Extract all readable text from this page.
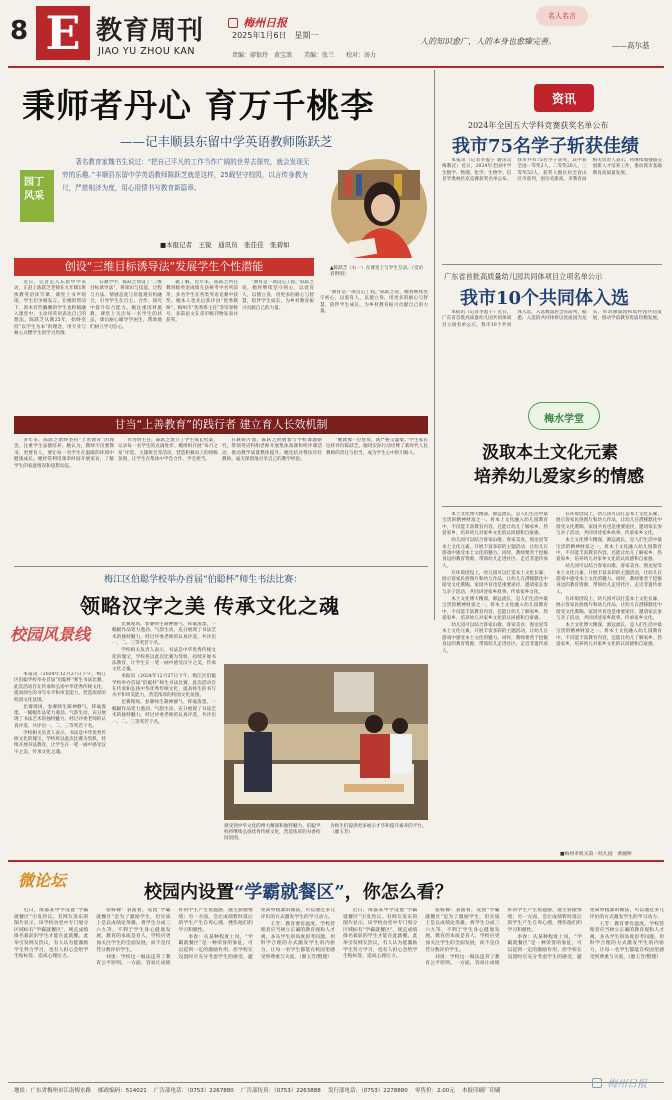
8 E 教育周刊
JIAO YU ZHOU KAN
梅州日报
2025年1月6日　星期一
责编：廖银玲　黄宝浪　　美编：张兰　　校对：汤力
名人名言
人的知识愈广，人的本身也愈臻完善。	——高尔基
秉师者丹心 育万千桃李
——记丰顺县东留中学英语教师陈跃芝
园丁风采
著名教育家魏书生说过：“把自己平凡的工作当作广阔的世界去探究，就会发现无穷的乐趣。”丰顺县东留中学英语教师陈跃芝就是这样，25载坚守校园，以言传身教为尺，严慈相济为度，用心用情书写教育新篇章。
■本报记者　王锐　通讯员　张佳佳　张碧如
▲陈跃芝（右一）在课堂上与学生互动。（受访者供图）
创设“三维目标诱导法”发展学生个性潜能

近日，记者走入东留中学采访，正赶上陈跃芝老师在九年级1班执教英语读写课，课堂上书声琅琅，学生们争相发言。在她的带动下，原本有些腼腆的学生也积极融入课堂中，主动用英语表达自己的想法。陈跃芝从教25年，始终坚持“以学生为本”的理念，用专业与耐心点燃学生的学习热情。

在教学中，陈跃芝创设了“三维目标诱导法”，将知识与技能、过程与方法、情感态度与价值观有机融合，引导学生在自主、合作、探究中提升综合能力。她注重因材施教，课堂上关注每一名学生的状态，课后耐心辅导学困生，帮助他们树立学习信心。

据了解，近年来，陈跃芝所任教班级英语成绩在县统考中名列前茅，多名学生在各类英语竞赛中获奖。她本人也先后获评县“优秀教师”、梅州市“优秀班主任”等荣誉称号，多篇论文在省市级刊物发表并获奖。

“教育是一项良心工程。”陈跃芝说，她将继续坚守初心，以爱育人，以德立身，用更多的耐心与智慧，陪伴学生成长，为乡村教育振兴贡献自己的力量。

“教育是一项良心工程。”陈跃芝说，她将继续坚守初心，以爱育人，以德立身，用更多的耐心与智慧，陪伴学生成长，为乡村教育振兴贡献自己的力量。

甘当“上善教育”的践行者 建立育人长效机制

多年来，陈跃芝始终坚持“上善教育”的理念，注重学生品德培养。她认为，教师不仅要教书，更要育人，要让每一名学生在温暖的环境中健康成长。她经常利用课余时间开展家访，了解学生的家庭情况和思想动态。

作为班主任，陈跃芝建立了学生成长档案，记录每一名学生的点滴进步。她组织开展“每月之星”评选、主题班会等活动，营造积极向上的班级氛围，让学生在集体中学会合作、学会担当。

在教研方面，陈跃芝积极参与学校课题研究，带领英语科组老师开展集体备课和听评课活动，推动教学质量整体提升。她还结对帮扶年轻教师，毫无保留地分享自己的教学经验。

“她就像一位慈母，既严格又温柔。”学生家长这样评价陈跃芝。她用实际行动诠释了新时代人民教师的责任与担当，成为学生心中的引路人。

资讯
2024年全国五大学科竞赛获奖名单公布
我市75名学子斩获佳绩

本报讯（记者李盈子 通讯员梅教宣）近日，2024年全国中学生数学、物理、化学、生物学、信息学奥林匹克竞赛获奖名单公布。我市共有75名学子获奖，其中获全国一等奖2人、二等奖20人、三等奖53人，获奖人数位居全省山区市前列，创历史新高。市教育局相关负责人表示，将继续加强拔尖创新人才培养工作，推动我市基础教育高质量发展。

广东省首批高质量幼儿园共同体项目立项名单公示
我市10个共同体入选

本报讯（记者李盈子）近日，广东省首批高质量幼儿园共同体项目立项名单公示，我市10个共同体入选，入选数量居全省前列。据悉，入选的共同体将以优质园为龙头，带动薄弱园和农村园共同发展，推动学前教育优质均衡发展。

梅水学堂
汲取本土文化元素
培养幼儿爱家乡的情感

本土文化博大精深，源远流长，是人们生活中最宝贵的精神财富之一。将本土文化融入幼儿园教育中，不仅能丰富教育内容，还能让幼儿了解家乡、热爱家乡，培养幼儿对家乡文化的认同感和自豪感。

幼儿园可以结合客家山歌、客家美食、围龙屋等本土文化元素，开展丰富多彩的主题活动，让幼儿在游戏中感受本土文化的魅力。同时，教师要善于挖掘身边的教育资源，带领幼儿走进社区、走近非遗传承人。

在环境创设上，幼儿园可以打造本土文化长廊，展示客家民俗图片和幼儿作品，让幼儿在潜移默化中接受文化熏陶。家园共育也是重要途径，邀请家长参与亲子活动，共同讲述家乡故事，传承家乡文化。

本土文化博大精深，源远流长，是人们生活中最宝贵的精神财富之一。将本土文化融入幼儿园教育中，不仅能丰富教育内容，还能让幼儿了解家乡、热爱家乡，培养幼儿对家乡文化的认同感和自豪感。

幼儿园可以结合客家山歌、客家美食、围龙屋等本土文化元素，开展丰富多彩的主题活动，让幼儿在游戏中感受本土文化的魅力。同时，教师要善于挖掘身边的教育资源，带领幼儿走进社区、走近非遗传承人。

在环境创设上，幼儿园可以打造本土文化长廊，展示客家民俗图片和幼儿作品，让幼儿在潜移默化中接受文化熏陶。家园共育也是重要途径，邀请家长参与亲子活动，共同讲述家乡故事，传承家乡文化。

本土文化博大精深，源远流长，是人们生活中最宝贵的精神财富之一。将本土文化融入幼儿园教育中，不仅能丰富教育内容，还能让幼儿了解家乡、热爱家乡，培养幼儿对家乡文化的认同感和自豪感。

幼儿园可以结合客家山歌、客家美食、围龙屋等本土文化元素，开展丰富多彩的主题活动，让幼儿在游戏中感受本土文化的魅力。同时，教师要善于挖掘身边的教育资源，带领幼儿走进社区、走近非遗传承人。

在环境创设上，幼儿园可以打造本土文化长廊，展示客家民俗图片和幼儿作品，让幼儿在潜移默化中接受文化熏陶。家园共育也是重要途径，邀请家长参与亲子活动，共同讲述家乡故事，传承家乡文化。

本土文化博大精深，源远流长，是人们生活中最宝贵的精神财富之一。将本土文化融入幼儿园教育中，不仅能丰富教育内容，还能让幼儿了解家乡、热爱家乡，培养幼儿对家乡文化的认同感和自豪感。

■梅州市机关第一幼儿园　黄婉婷
梅江区伯聪学校举办首届“伯聪杯”师生书法比赛：
领略汉字之美 传承文化之魂
校园风景线

本报讯（2024年12月27日下午，梅江区伯聪学校举办首届“伯聪杯”师生书法比赛。此次活动旨在传承和弘扬中华优秀传统文化，提高师生的书写水平和审美能力，营造浓厚的校园文化氛围。

比赛现场，参赛师生凝神静气、挥毫泼墨，一幅幅作品笔力遒劲、气韵生动，充分展现了书法艺术的独特魅力。经过评委老师的认真评选，共评出一、二、三等奖若干名。

学校相关负责人表示，书法是中华优秀传统文化的瑰宝，学校将以此次比赛为契机，持续开展书法教育，让学生在一笔一画中感受汉字之美，传承文化之魂。

比赛现场，参赛师生凝神静气、挥毫泼墨，一幅幅作品笔力遒劲、气韵生动，充分展现了书法艺术的独特魅力。经过评委老师的认真评选，共评出一、二、三等奖若干名。

学校相关负责人表示，书法是中华优秀传统文化的瑰宝，学校将以此次比赛为契机，持续开展书法教育，让学生在一笔一画中感受汉字之美，传承文化之魂。

本报讯（2024年12月27日下午，梅江区伯聪学校举办首届“伯聪杯”师生书法比赛。此次活动旨在传承和弘扬中华优秀传统文化，提高师生的书写水平和审美能力，营造浓厚的校园文化氛围。

比赛现场，参赛师生凝神静气、挥毫泼墨，一幅幅作品笔力遒劲、气韵生动，充分展现了书法艺术的独特魅力。经过评委老师的认真评选，共评出一、二、三等奖若干名。

感受到中华文化的博大精深和独特魅力。伯聪学校将继续弘扬优秀传统文化，营造浓厚的书香校园氛围。
为师生们提供更多展示才华和提升素养的平台。（廖玉芳）
微论坛
校园内设置“学霸就餐区”，你怎么看？

近日，成都某中学设置“学霸就餐区”引发热议。有网友发布的图片显示，该学校食堂中专门划分区域标有“学霸就餐区”，规定成绩排名靠前的学生才能在此就餐。此举引发网友热议，有人认为能激励学生努力学习，也有人担心会给学生贴标签、造成心理压力。

张栋樑：表面看，设置“学霸就餐区”是为了激励学生，但实质上是以成绩论英雄，将学生分成三六九等，不利于学生身心健康发展。教育的本质是育人，学校应更加关注学生的全面发展，而不是仅凭分数评价学生。

刘勇：学校这一做法违背了教育公平原则。一方面，容易让成绩好的学生产生优越感，滋生骄傲情绪；另一方面，会让成绩暂时落后的学生产生自卑心理，挫伤他们的学习积极性。

李春：从某种程度上说，“学霸就餐区”是一种荣誉的象征，可以起到一定的激励作用。但学校在设置时应充分考虑学生的感受，避免简单粗暴的做法，可以通过多元评价的方式激发学生的学习动力。

王芳：教育要有温度。学校管理者应当树立正确的教育观和人才观，多从学生的角度思考问题，用科学合理的方式激发学生的内驱力，让每一名学生都能在校园里感受到尊重与关爱。（廖玉芳/整理）

近日，成都某中学设置“学霸就餐区”引发热议。有网友发布的图片显示，该学校食堂中专门划分区域标有“学霸就餐区”，规定成绩排名靠前的学生才能在此就餐。此举引发网友热议，有人认为能激励学生努力学习，也有人担心会给学生贴标签、造成心理压力。

张栋樑：表面看，设置“学霸就餐区”是为了激励学生，但实质上是以成绩论英雄，将学生分成三六九等，不利于学生身心健康发展。教育的本质是育人，学校应更加关注学生的全面发展，而不是仅凭分数评价学生。

刘勇：学校这一做法违背了教育公平原则。一方面，容易让成绩好的学生产生优越感，滋生骄傲情绪；另一方面，会让成绩暂时落后的学生产生自卑心理，挫伤他们的学习积极性。

李春：从某种程度上说，“学霸就餐区”是一种荣誉的象征，可以起到一定的激励作用。但学校在设置时应充分考虑学生的感受，避免简单粗暴的做法，可以通过多元评价的方式激发学生的学习动力。

王芳：教育要有温度。学校管理者应当树立正确的教育观和人才观，多从学生的角度思考问题，用科学合理的方式激发学生的内驱力，让每一名学生都能在校园里感受到尊重与关爱。（廖玉芳/整理）

地址：广东省梅州市江南梅水路　 邮政编码：514021　 广告部电话：（0753）2267880　 广告部传真：（0753）2263888　 发行部电话：（0753）2278880　 零售价：2.00元　 本报印刷厂印刷
梅州日报
